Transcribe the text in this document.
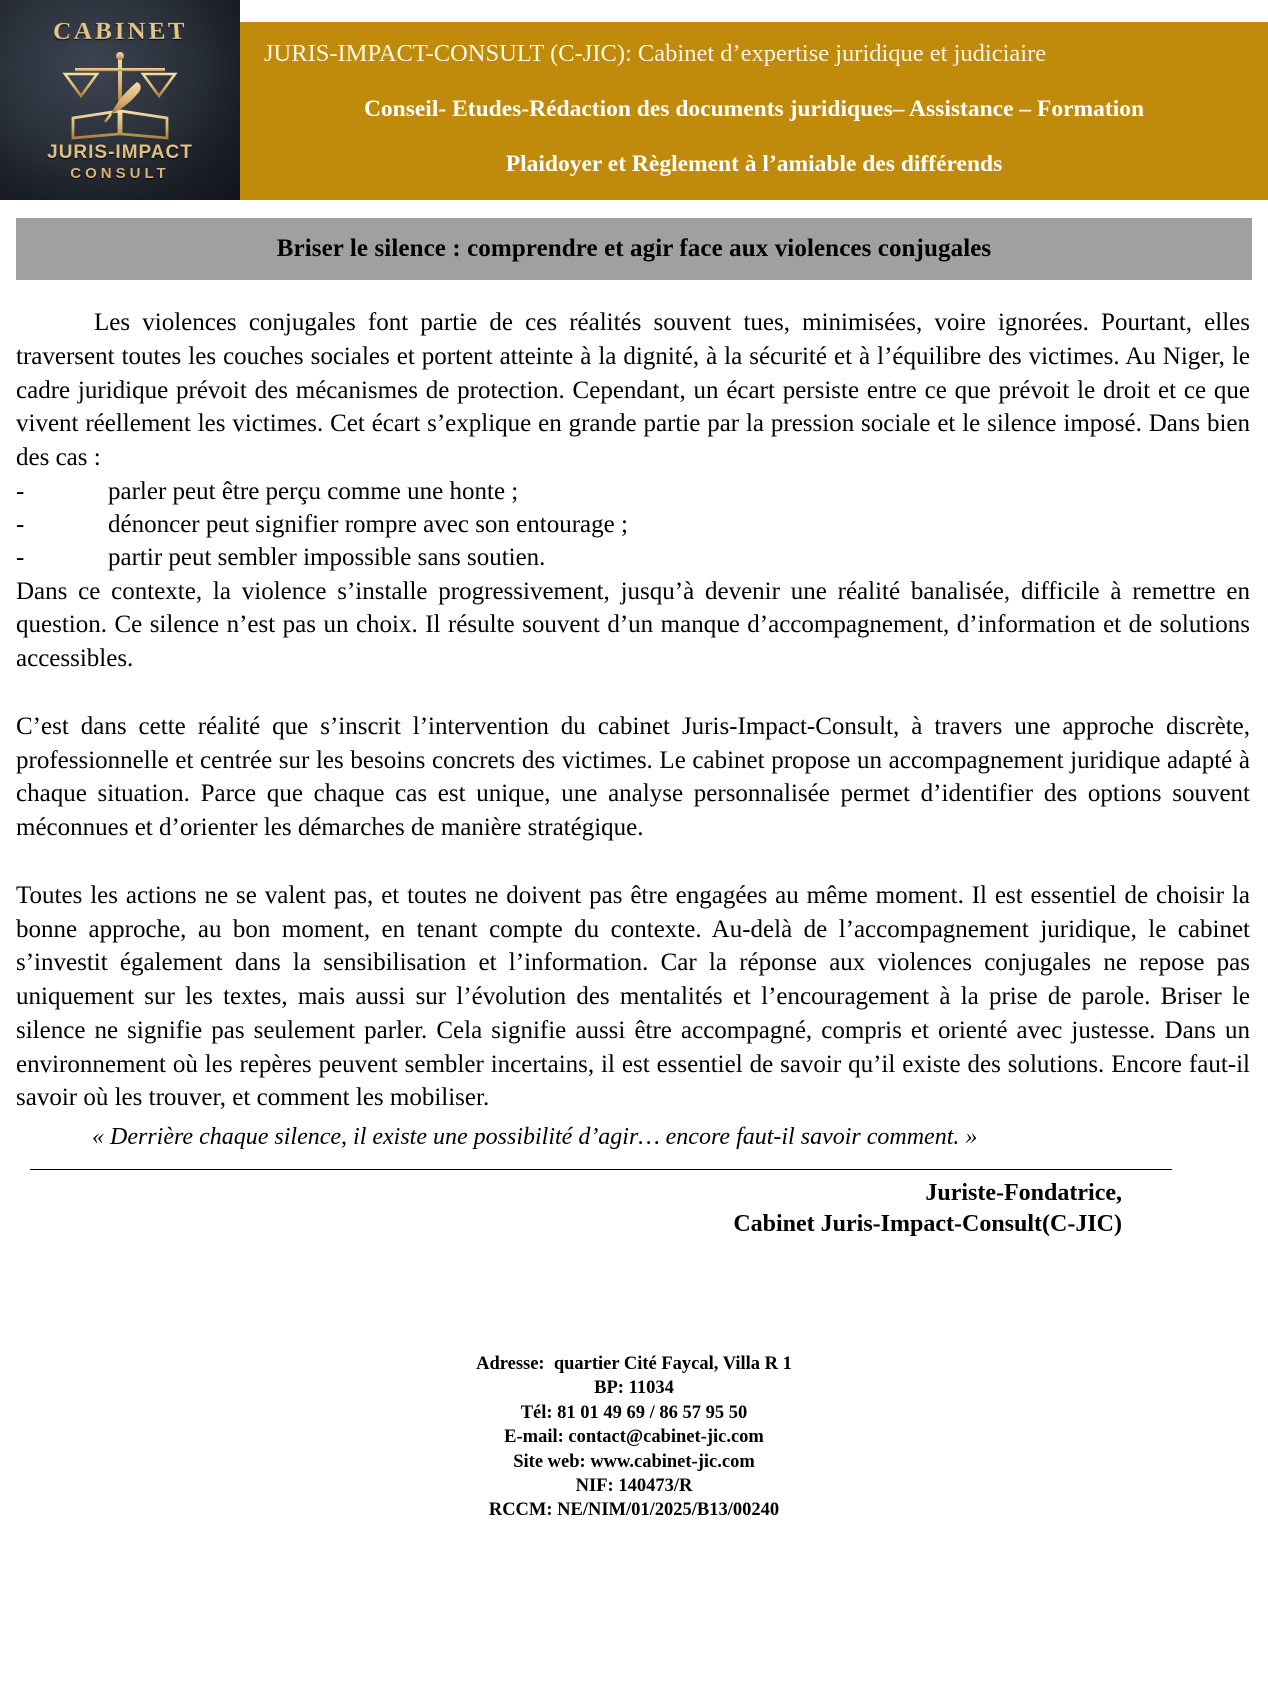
CABINET
JURIS-IMPACT
CONSULT
JURIS-IMPACT-CONSULT (C-JIC): Cabinet d’expertise juridique et judiciaire
Conseil- Etudes-Rédaction des documents juridiques– Assistance – Formation
Plaidoyer et Règlement à l’amiable des différends
Briser le silence : comprendre et agir face aux violences conjugales

Les violences conjugales font partie de ces réalités souvent tues, minimisées, voire ignorées. Pourtant, elles traversent toutes les couches sociales et portent atteinte à la dignité, à la sécurité et à l’équilibre des victimes. Au Niger, le cadre juridique prévoit des mécanismes de protection. Cependant, un écart persiste entre ce que prévoit le droit et ce que vivent réellement les victimes. Cet écart s’explique en grande partie par la pression sociale et le silence imposé. Dans bien des cas :

-	parler peut être perçu comme une honte ;
-	dénoncer peut signifier rompre avec son entourage ;
-	partir peut sembler impossible sans soutien.

Dans ce contexte, la violence s’installe progressivement, jusqu’à devenir une réalité banalisée, difficile à remettre en question. Ce silence n’est pas un choix. Il résulte souvent d’un manque d’accompagnement, d’information et de solutions accessibles.

C’est dans cette réalité que s’inscrit l’intervention du cabinet Juris-Impact-Consult, à travers une approche discrète, professionnelle et centrée sur les besoins concrets des victimes. Le cabinet propose un accompagnement juridique adapté à chaque situation. Parce que chaque cas est unique, une analyse personnalisée permet d’identifier des options souvent méconnues et d’orienter les démarches de manière stratégique.

Toutes les actions ne se valent pas, et toutes ne doivent pas être engagées au même moment. Il est essentiel de choisir la bonne approche, au bon moment, en tenant compte du contexte. Au-delà de l’accompagnement juridique, le cabinet s’investit également dans la sensibilisation et l’information. Car la réponse aux violences conjugales ne repose pas uniquement sur les textes, mais aussi sur l’évolution des mentalités et l’encouragement à la prise de parole. Briser le silence ne signifie pas seulement parler. Cela signifie aussi être accompagné, compris et orienté avec justesse. Dans un environnement où les repères peuvent sembler incertains, il est essentiel de savoir qu’il existe des solutions. Encore faut-il savoir où les trouver, et comment les mobiliser.

« Derrière chaque silence, il existe une possibilité d’agir… encore faut-il savoir comment. »

Juriste-Fondatrice,
Cabinet Juris-Impact-Consult(C-JIC)
Adresse:  quartier Cité Faycal, Villa R 1
BP: 11034
Tél: 81 01 49 69 / 86 57 95 50
E-mail: contact@cabinet-jic.com
Site web: www.cabinet-jic.com
NIF: 140473/R
RCCM: NE/NIM/01/2025/B13/00240
